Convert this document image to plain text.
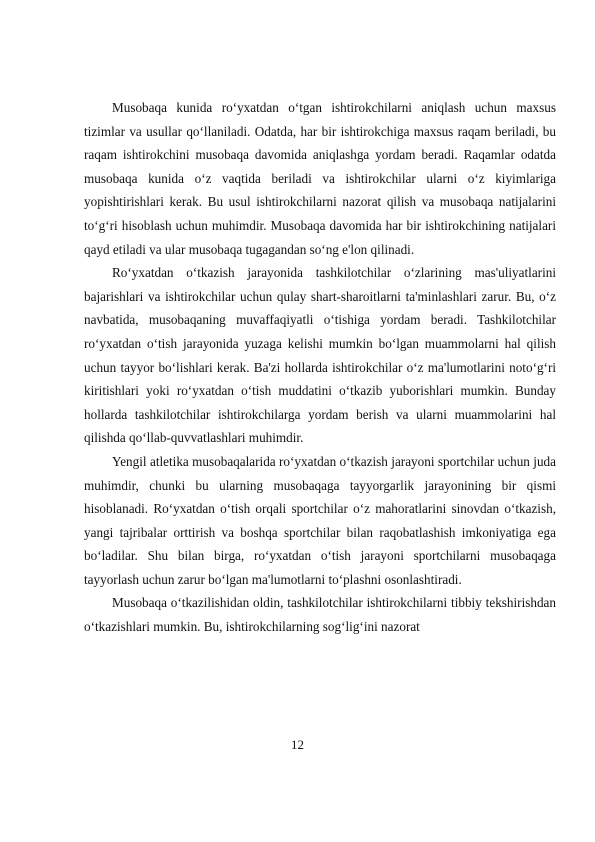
Musobaqa kunida ro‘yxatdan o‘tgan ishtirokchilarni aniqlash uchun maxsus tizimlar va usullar qo‘llaniladi. Odatda, har bir ishtirokchiga maxsus raqam beriladi, bu raqam ishtirokchini musobaqa davomida aniqlashga yordam beradi. Raqamlar odatda musobaqa kunida o‘z vaqtida beriladi va ishtirokchilar ularni o‘z kiyimlariga yopishtirishlari kerak. Bu usul ishtirokchilarni nazorat qilish va musobaqa natijalarini to‘g‘ri hisoblash uchun muhimdir. Musobaqa davomida har bir ishtirokchining natijalari qayd etiladi va ular musobaqa tugagandan so‘ng e'lon qilinadi.

Ro‘yxatdan o‘tkazish jarayonida tashkilotchilar o‘zlarining mas'uliyatlarini bajarishlari va ishtirokchilar uchun qulay shart-sharoitlarni ta'minlashlari zarur. Bu, o‘z navbatida, musobaqaning muvaffaqiyatli o‘tishiga yordam beradi. Tashkilotchilar ro‘yxatdan o‘tish jarayonida yuzaga kelishi mumkin bo‘lgan muammolarni hal qilish uchun tayyor bo‘lishlari kerak. Ba'zi hollarda ishtirokchilar o‘z ma'lumotlarini noto‘g‘ri kiritishlari yoki ro‘yxatdan o‘tish muddatini o‘tkazib yuborishlari mumkin. Bunday hollarda tashkilotchilar ishtirokchilarga yordam berish va ularni muammolarini hal qilishda qo‘llab-quvvatlashlari muhimdir.

Yengil atletika musobaqalarida ro‘yxatdan o‘tkazish jarayoni sportchilar uchun juda muhimdir, chunki bu ularning musobaqaga tayyorgarlik jarayonining bir qismi hisoblanadi. Ro‘yxatdan o‘tish orqali sportchilar o‘z mahoratlarini sinovdan o‘tkazish, yangi tajribalar orttirish va boshqa sportchilar bilan raqobatlashish imkoniyatiga ega bo‘ladilar. Shu bilan birga, ro‘yxatdan o‘tish jarayoni sportchilarni musobaqaga tayyorlash uchun zarur bo‘lgan ma'lumotlarni to‘plashni osonlashtiradi.

Musobaqa o‘tkazilishidan oldin, tashkilotchilar ishtirokchilarni tibbiy tekshirishdan o‘tkazishlari mumkin. Bu, ishtirokchilarning sog‘lig‘ini nazorat

12
